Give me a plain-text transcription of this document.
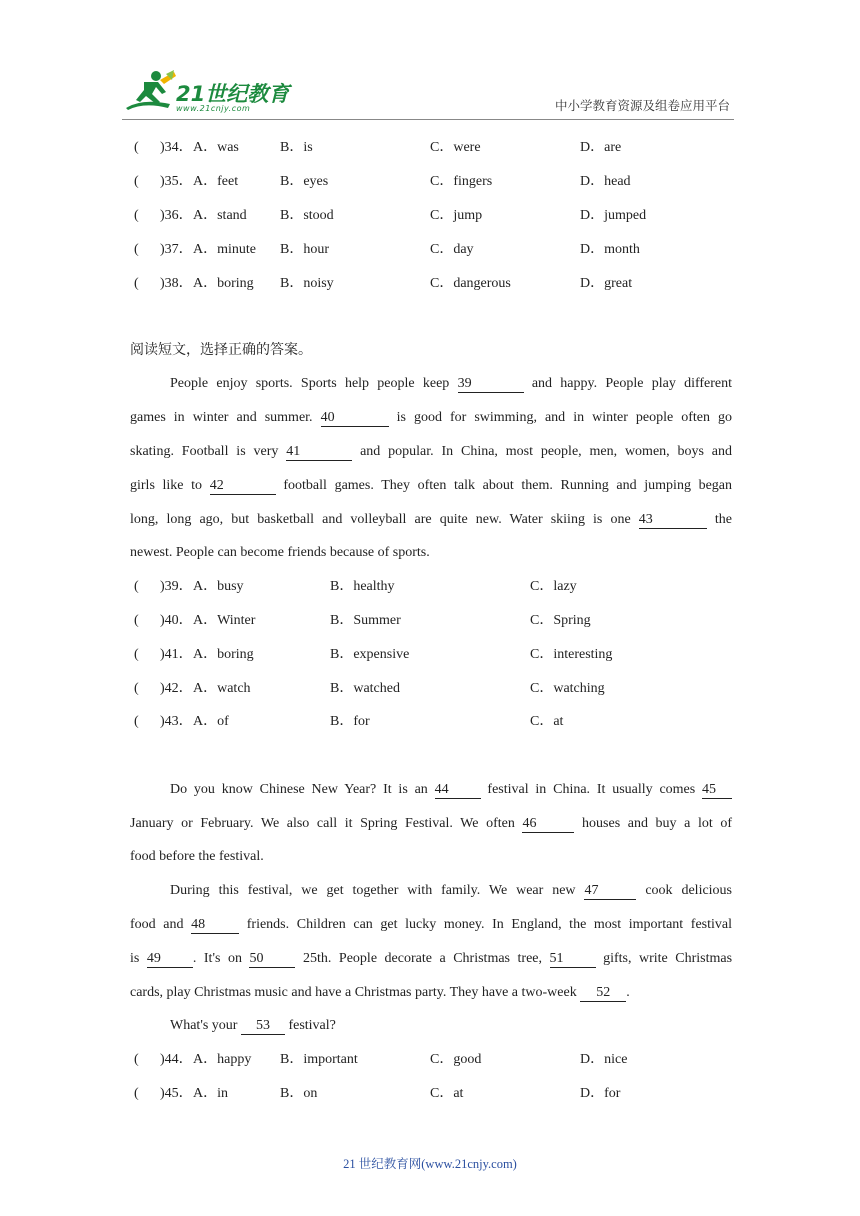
21世纪教育
www.21cnjy.com	中小学教育资源及组卷应用平台
( )34． A．was	B．is	C．were	D．are
( )35． A．feet	B．eyes	C．fingers	D．head
( )36． A．stand B．stood	C．jump	D．jumped
( )37． A．minute B．hour	C．day	D．month
( )38． A．boring B．noisy	C．dangerous	D．great
阅读短文，选择正确的答案。
People enjoy sports. Sports help people keep 39	and happy. People play different
games in winter and summer. 40	is good for swimming, and in winter people often go
skating. Football is very 41	and popular. In China, most people, men, women, boys and
girls like to 42	football games. They often talk about them. Running and jumping began
long, long ago, but basketball and volleyball are quite new. Water skiing is one 43	the
newest. People can become friends because of sports.
( )39． A．busy	B．healthy	C．lazy
( )40． A．Winter	B．Summer	C．Spring
( )41． A．boring	B．expensive	C．interesting
( )42． A．watch	B．watched	C．watching
( )43． A．of	B．for	C．at
Do you know Chinese New Year? It is an 44	festival in China. It usually comes 45
January or February. We also call it Spring Festival. We often 46	houses and buy a lot of
food before the festival.
During this festival, we get together with family. We wear new 47	cook delicious
food and 48	friends. Children can get lucky money. In England, the most important festival
is 49 . It's on 50	25th. People decorate a Christmas tree, 51	gifts, write Christmas
cards, play Christmas music and have a Christmas party. They have a two-week 52 .
What's your 53 festival?
( )44． A．happy B．important	C．good	D．nice
( )45． A．in	B．on	C．at	D．for
21 世纪教育网(www.21cnjy.com)
